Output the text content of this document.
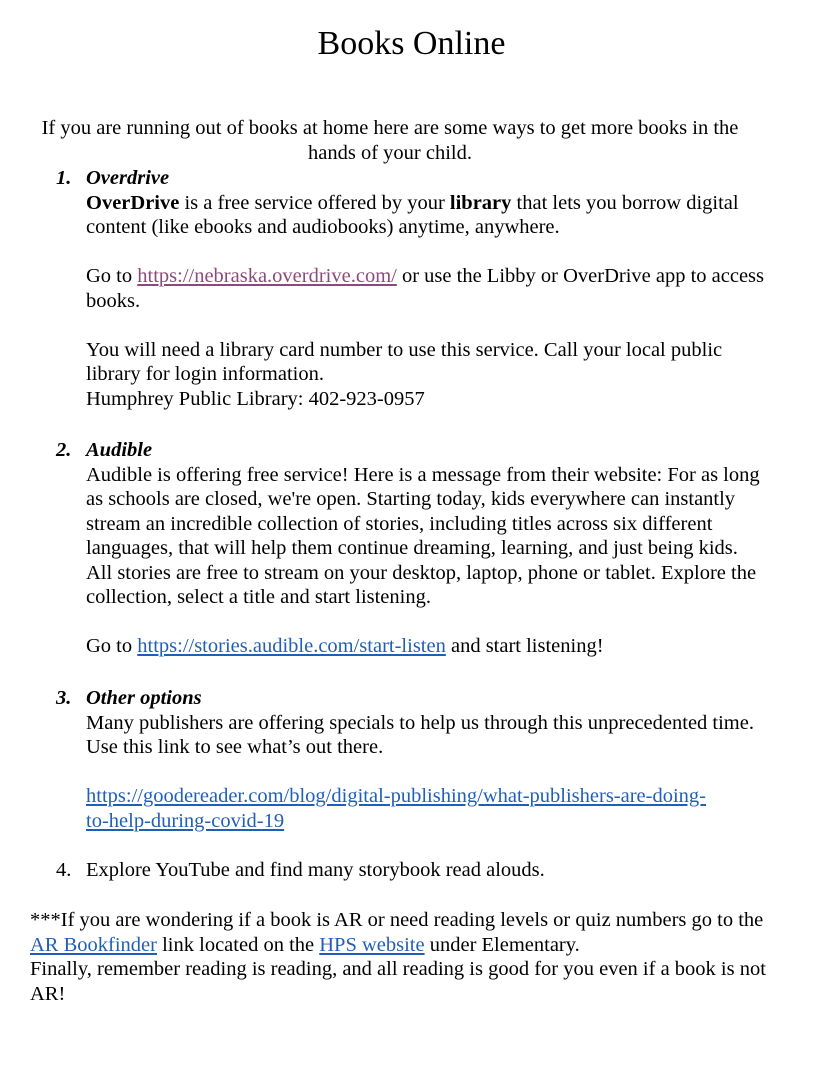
Books Online
If you are running out of books at home here are some ways to get more books in the hands of your child.
1. Overdrive
OverDrive is a free service offered by your library that lets you borrow digital content (like ebooks and audiobooks) anytime, anywhere.
Go to https://nebraska.overdrive.com/ or use the Libby or OverDrive app to access books.
You will need a library card number to use this service. Call your local public library for login information.
Humphrey Public Library: 402-923-0957
2. Audible
Audible is offering free service! Here is a message from their website: For as long as schools are closed, we're open. Starting today, kids everywhere can instantly stream an incredible collection of stories, including titles across six different languages, that will help them continue dreaming, learning, and just being kids. All stories are free to stream on your desktop, laptop, phone or tablet. Explore the collection, select a title and start listening.
Go to https://stories.audible.com/start-listen and start listening!
3. Other options
Many publishers are offering specials to help us through this unprecedented time. Use this link to see what’s out there.
https://goodereader.com/blog/digital-publishing/what-publishers-are-doing-
to-help-during-covid-19
4. Explore YouTube and find many storybook read alouds.
***If you are wondering if a book is AR or need reading levels or quiz numbers go to the AR Bookfinder link located on the HPS website under Elementary.
Finally, remember reading is reading, and all reading is good for you even if a book is not AR!
